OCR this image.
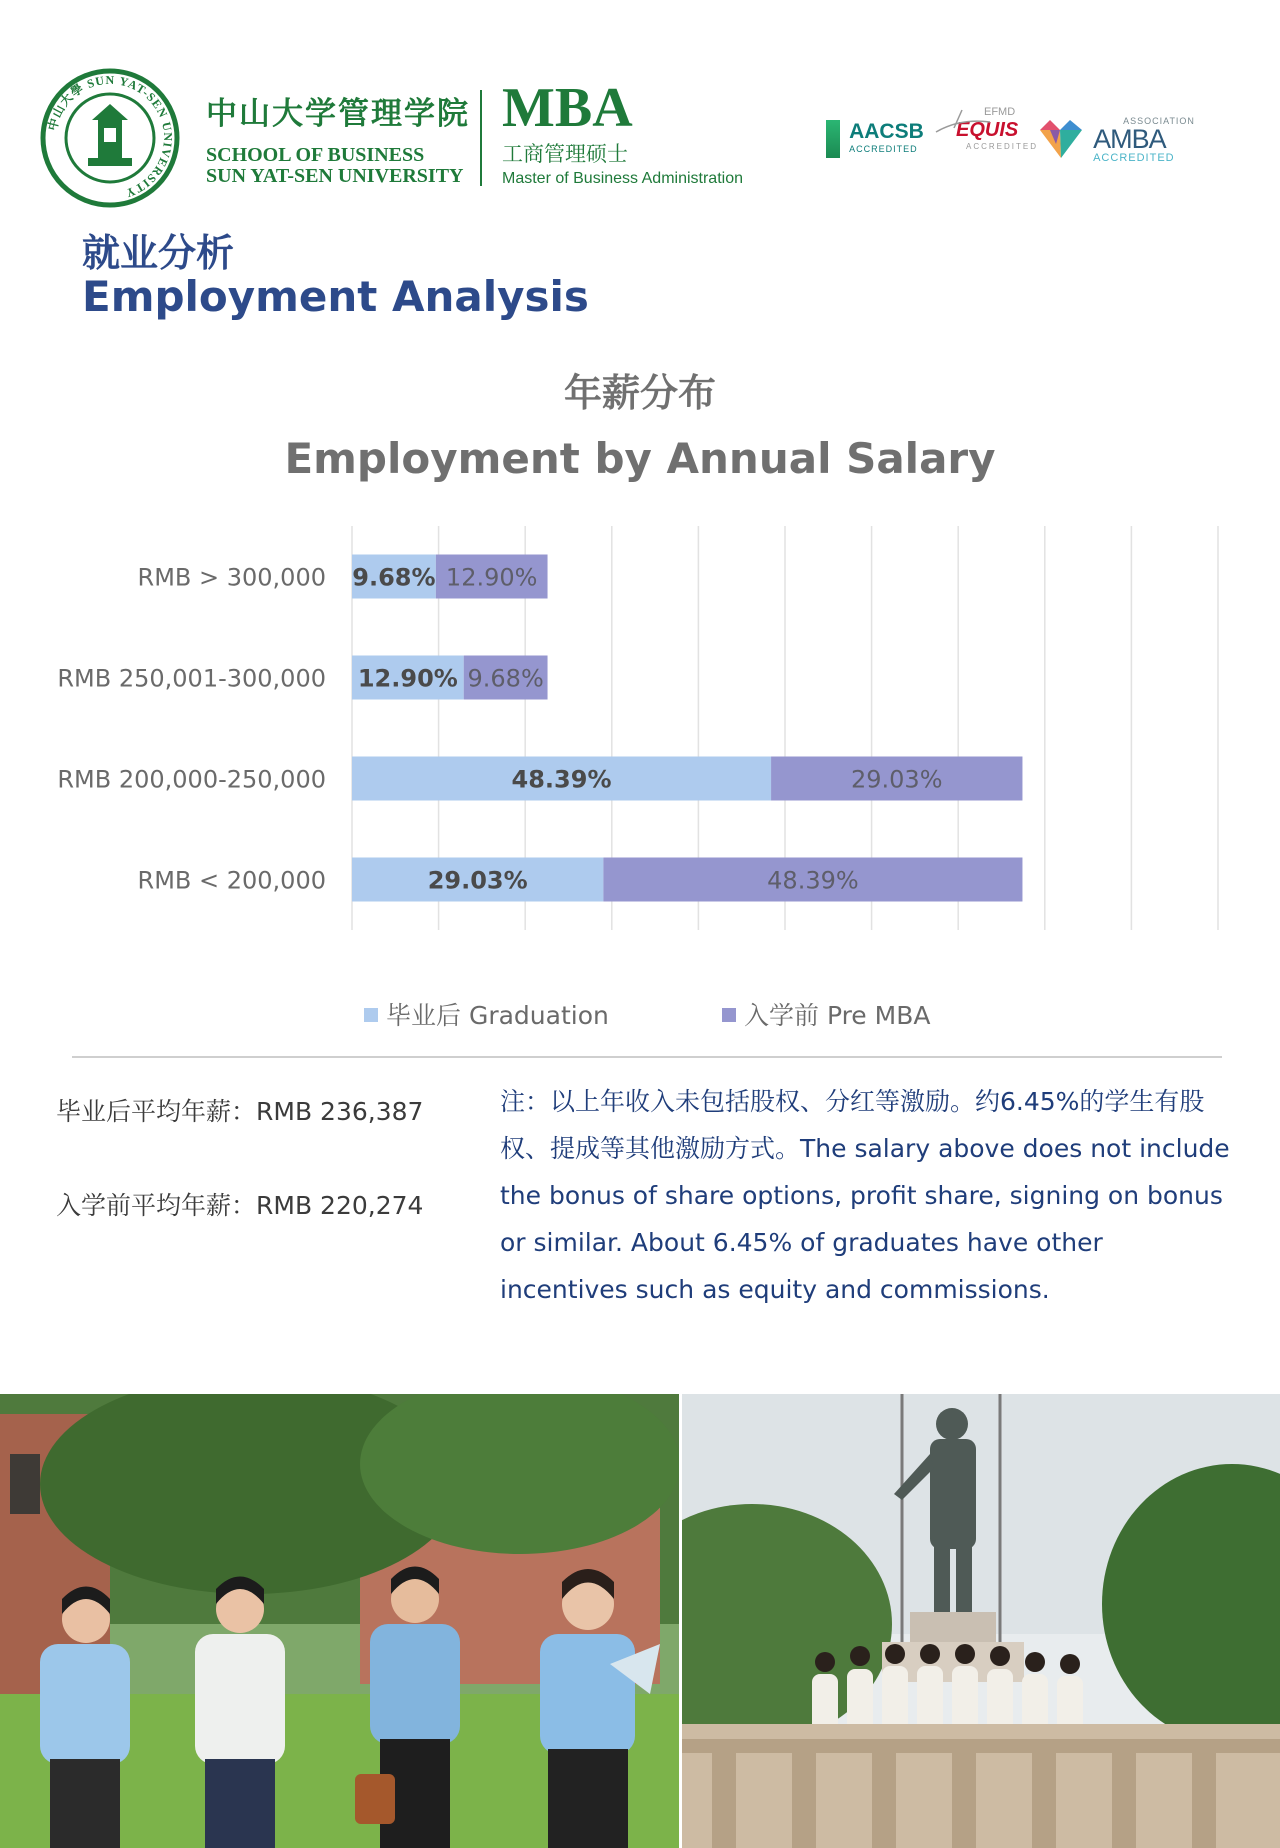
中山大學 SUN YAT-SEN UNIVERSITY
中山大学管理学院
SCHOOL OF BUSINESS
SUN YAT-SEN UNIVERSITY
MBA
工商管理硕士
Master of Business Administration

AACSB
ACCREDITED
EFMD
EQUIS
ACCREDITED

ASSOCIATION
AMBA
ACCREDITED
就业分析
Employment Analysis
年薪分布
Employment by Annual Salary
RMB > 300,000 9.68% 12.90%
RMB 250,001-300,000 12.90% 9.68%
RMB 200,000-250,000	48.39%	29.03%
RMB < 200,000	29.03%	48.39%
毕业后 Graduation	入学前 Pre MBA
毕业后平均年薪：RMB 236,387
入学前平均年薪：RMB 220,274
注：以上年收入未包括股权、分红等激励。约6.45%的学生有股权、提成等其他激励方式。The salary above does not include the bonus of share options, profit share, signing on bonus or similar. About 6.45% of graduates have other incentives such as equity and commissions.
